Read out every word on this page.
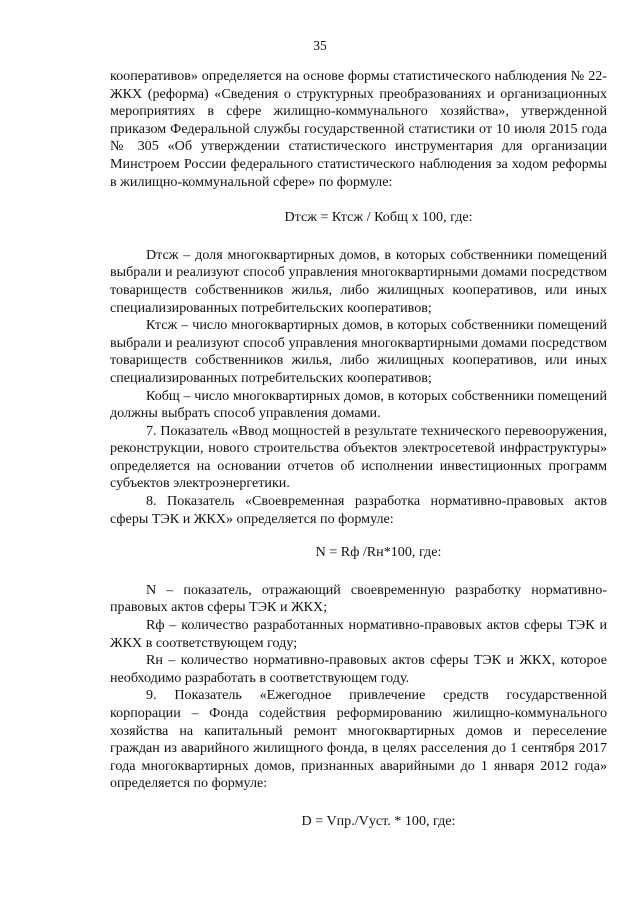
35

кооперативов» определяется на основе формы статистического наблюдения № 22-ЖКХ (реформа) «Сведения о структурных преобразованиях и организационных мероприятиях в сфере жилищно-коммунального хозяйства», утвержденной приказом Федеральной службы государственной статистики от 10 июля 2015 года № 305 «Об утверждении статистического инструментария для организации Минстроем России федерального статистического наблюдения за ходом реформы в жилищно-коммунальной сфере» по формуле:

Dтсж = Ктсж / Кобщ х 100, где:

Dтсж – доля многоквартирных домов, в которых собственники помещений выбрали и реализуют способ управления многоквартирными домами посредством товариществ собственников жилья, либо жилищных кооперативов, или иных специализированных потребительских кооперативов;

Ктсж – число многоквартирных домов, в которых собственники помещений выбрали и реализуют способ управления многоквартирными домами посредством товариществ собственников жилья, либо жилищных кооперативов, или иных специализированных потребительских кооперативов;

Кобщ – число многоквартирных домов, в которых собственники помещений должны выбрать способ управления домами.

7. Показатель «Ввод мощностей в результате технического перевооружения, реконструкции, нового строительства объектов электросетевой инфраструктуры» определяется на основании отчетов об исполнении инвестиционных программ субъектов электроэнергетики.

8. Показатель «Своевременная разработка нормативно-правовых актов сферы ТЭК и ЖКХ» определяется по формуле:

N = Rф /Rн*100, где:

N – показатель, отражающий своевременную разработку нормативно-правовых актов сферы ТЭК и ЖКХ;

Rф – количество разработанных нормативно-правовых актов сферы ТЭК и ЖКХ в соответствующем году;

Rн – количество нормативно-правовых актов сферы ТЭК и ЖКХ, которое необходимо разработать в соответствующем году.

9. Показатель «Ежегодное привлечение средств государственной корпорации – Фонда содействия реформированию жилищно-коммунального хозяйства на капитальный ремонт многоквартирных домов и переселение граждан из аварийного жилищного фонда, в целях расселения до 1 сентября 2017 года многоквартирных домов, признанных аварийными до 1 января 2012 года» определяется по формуле:

D = Vпр./Vуст. * 100, где:
